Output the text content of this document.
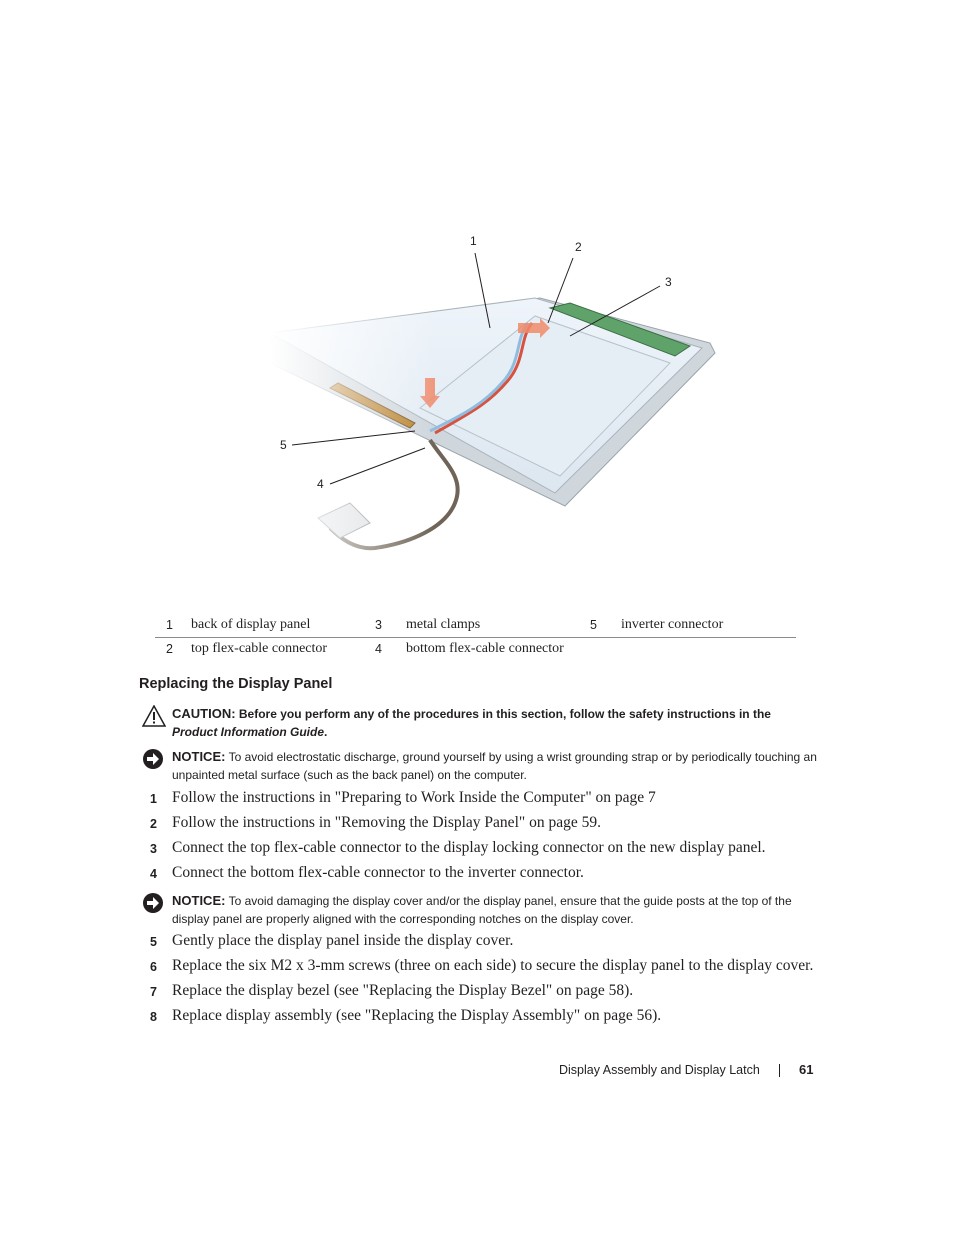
1	2
3
5
4
1 back of display panel	3 metal clamps	5 inverter connector
2 top flex-cable connector	4 bottom flex-cable connector
Replacing the Display Panel
CAUTION: Before you perform any of the procedures in this section, follow the safety instructions in the Product Information Guide.
NOTICE: To avoid electrostatic discharge, ground yourself by using a wrist grounding strap or by periodically touching an unpainted metal surface (such as the back panel) on the computer.
1 Follow the instructions in "Preparing to Work Inside the Computer" on page 7
2 Follow the instructions in "Removing the Display Panel" on page 59.
3 Connect the top flex-cable connector to the display locking connector on the new display panel.
4 Connect the bottom flex-cable connector to the inverter connector.
NOTICE: To avoid damaging the display cover and/or the display panel, ensure that the guide posts at the top of the display panel are properly aligned with the corresponding notches on the display cover.
5 Gently place the display panel inside the display cover.
6 Replace the six M2 x 3-mm screws (three on each side) to secure the display panel to the display cover.
7 Replace the display bezel (see "Replacing the Display Bezel" on page 58).
8 Replace display assembly (see "Replacing the Display Assembly" on page 56).
Display Assembly and Display Latch	61
